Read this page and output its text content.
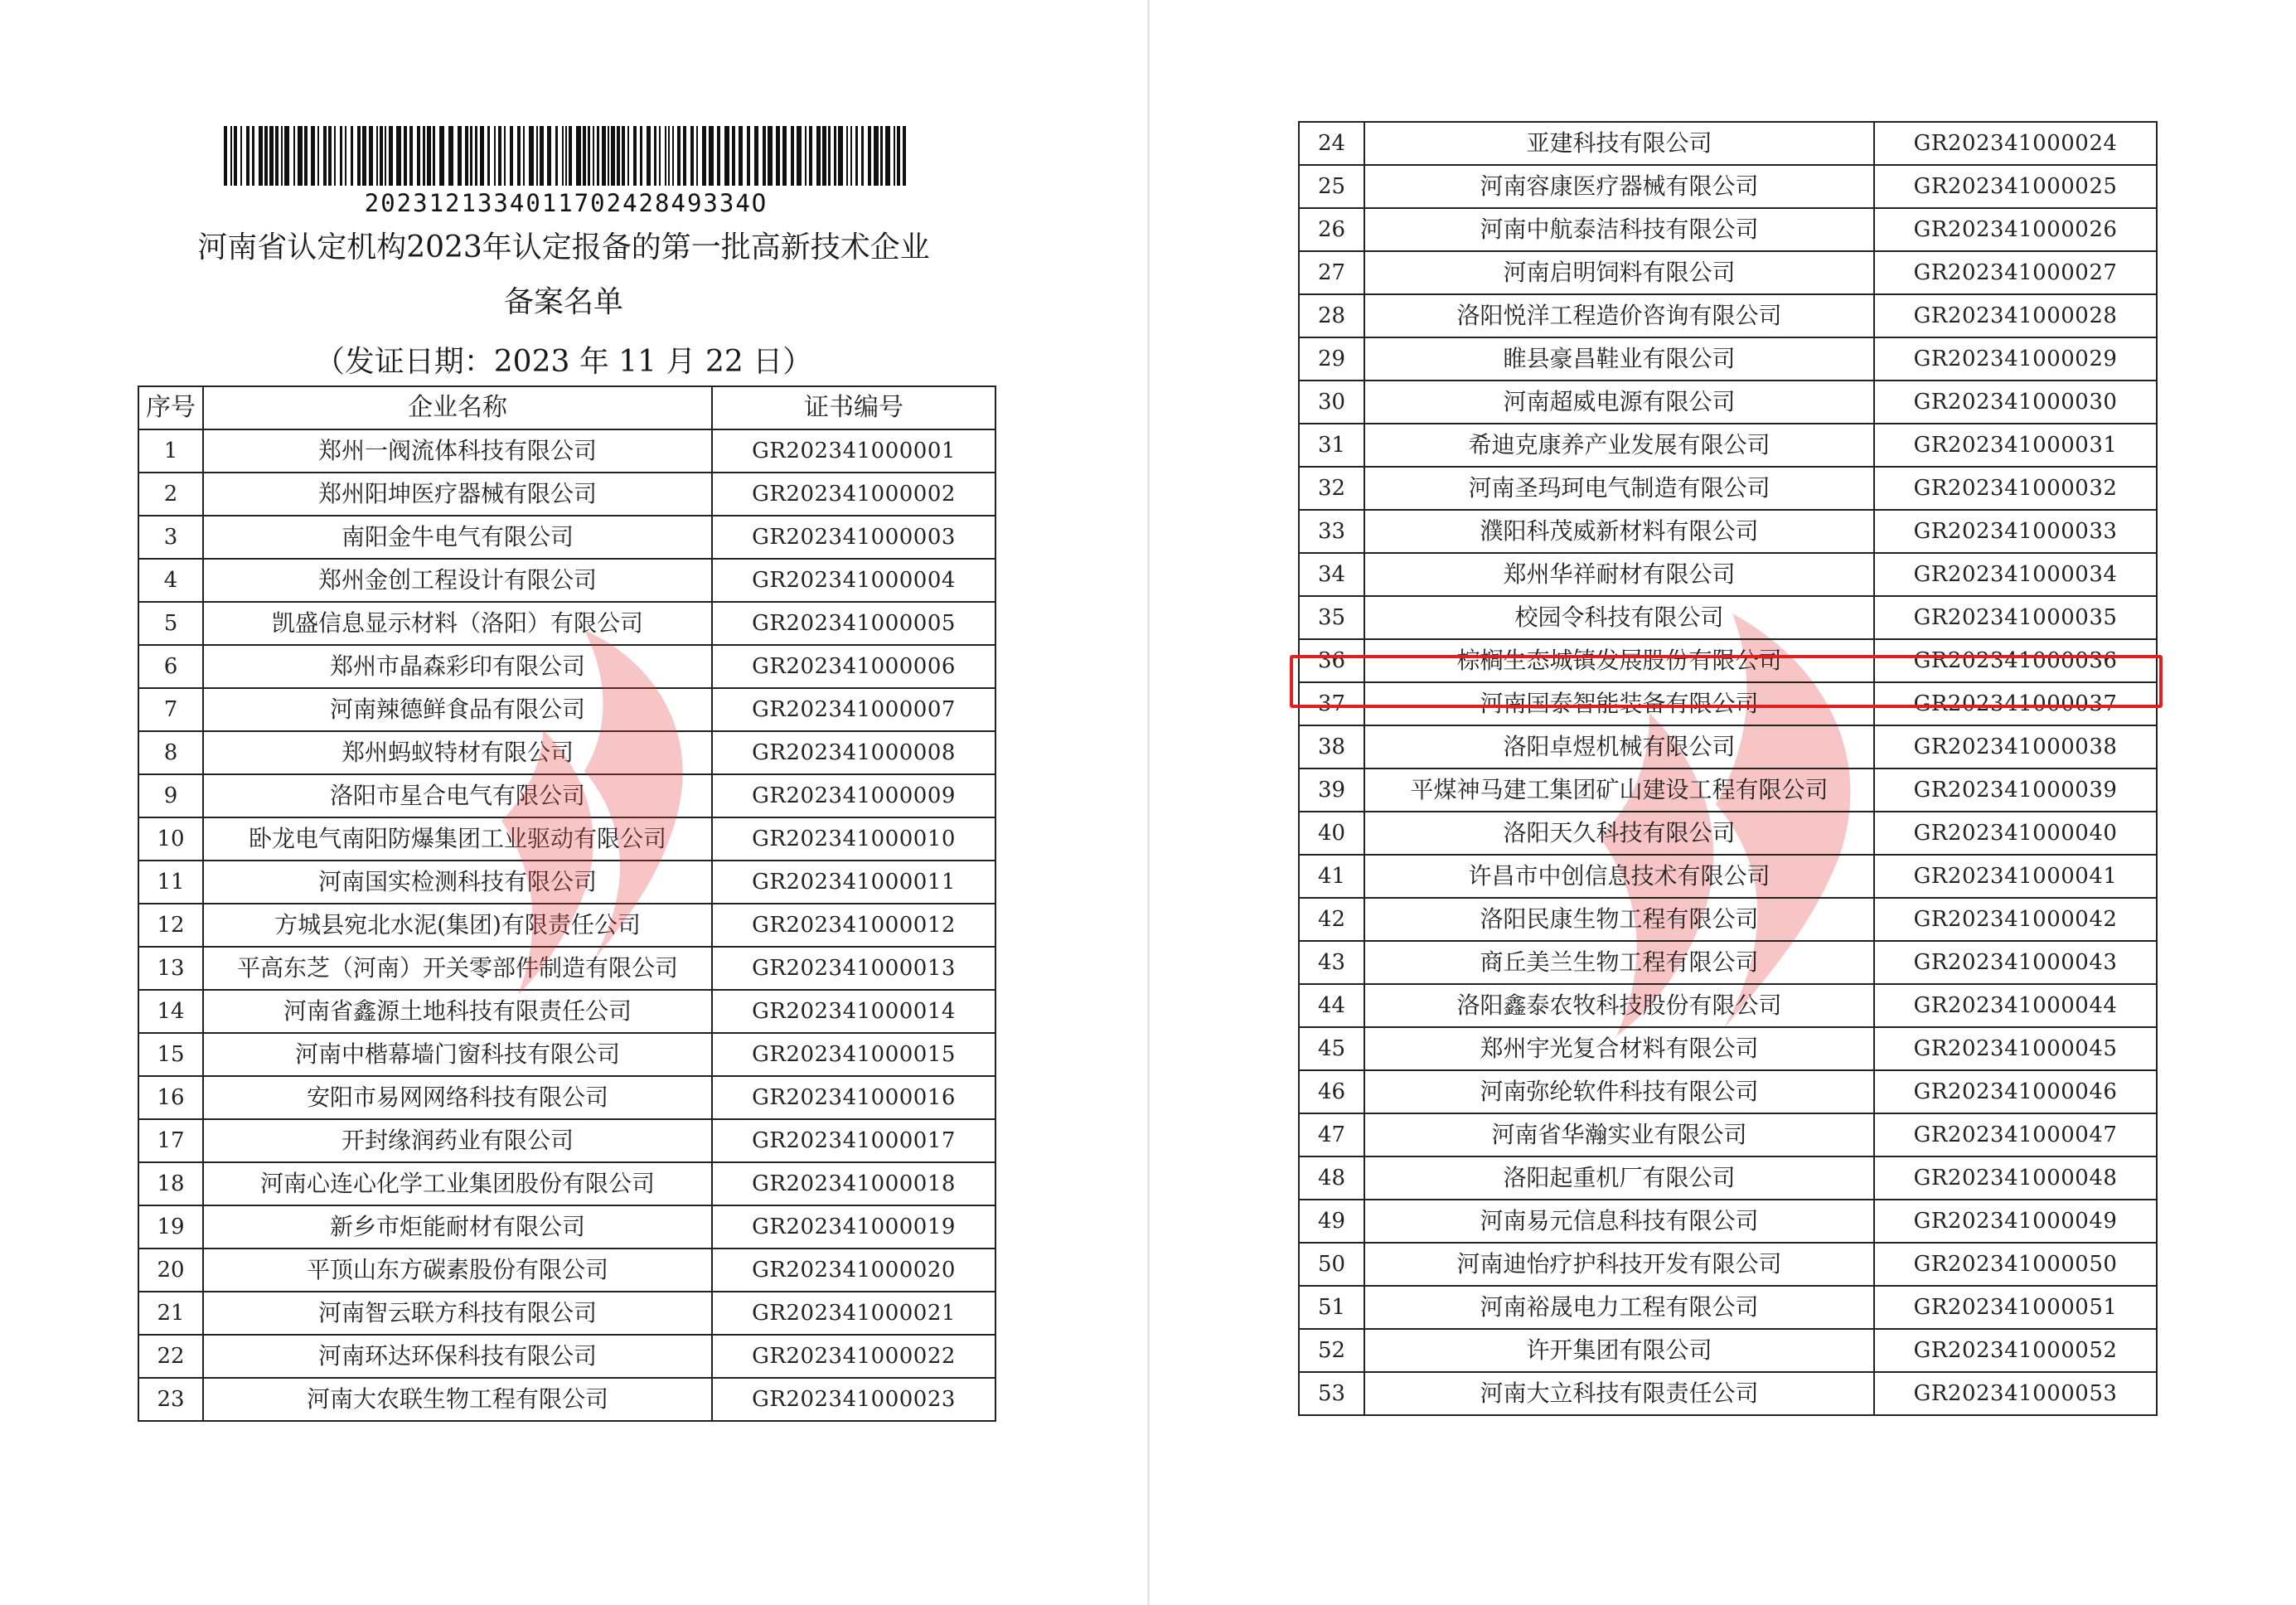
202312133401170242849334O
河南省认定机构2023年认定报备的第一批高新技术企业
备案名单
（发证日期：2023 年 11 月 22 日）
序号	企业名称	证书编号
1	郑州一阀流体科技有限公司	GR202341000001
2	郑州阳坤医疗器械有限公司	GR202341000002
3	南阳金牛电气有限公司	GR202341000003
4	郑州金创工程设计有限公司	GR202341000004
5	凯盛信息显示材料（洛阳）有限公司	GR202341000005
6	郑州市晶森彩印有限公司	GR202341000006
7	河南辣德鲜食品有限公司	GR202341000007
8	郑州蚂蚁特材有限公司	GR202341000008
9	洛阳市星合电气有限公司	GR202341000009
10	卧龙电气南阳防爆集团工业驱动有限公司	GR202341000010
11	河南国实检测科技有限公司	GR202341000011
12	方城县宛北水泥(集团)有限责任公司	GR202341000012
13	平高东芝（河南）开关零部件制造有限公司	GR202341000013
14	河南省鑫源土地科技有限责任公司	GR202341000014
15	河南中楷幕墙门窗科技有限公司	GR202341000015
16	安阳市易网网络科技有限公司	GR202341000016
17	开封缘润药业有限公司	GR202341000017
18	河南心连心化学工业集团股份有限公司	GR202341000018
19	新乡市炬能耐材有限公司	GR202341000019
20	平顶山东方碳素股份有限公司	GR202341000020
21	河南智云联方科技有限公司	GR202341000021
22	河南环达环保科技有限公司	GR202341000022
23	河南大农联生物工程有限公司	GR202341000023
24	亚建科技有限公司	GR202341000024
25	河南容康医疗器械有限公司	GR202341000025
26	河南中航泰洁科技有限公司	GR202341000026
27	河南启明饲料有限公司	GR202341000027
28	洛阳悦洋工程造价咨询有限公司	GR202341000028
29	睢县豪昌鞋业有限公司	GR202341000029
30	河南超威电源有限公司	GR202341000030
31	希迪克康养产业发展有限公司	GR202341000031
32	河南圣玛珂电气制造有限公司	GR202341000032
33	濮阳科茂威新材料有限公司	GR202341000033
34	郑州华祥耐材有限公司	GR202341000034
35	校园令科技有限公司	GR202341000035
36	棕榈生态城镇发展股份有限公司	GR202341000036
37	河南国泰智能装备有限公司	GR202341000037
38	洛阳卓煜机械有限公司	GR202341000038
39	平煤神马建工集团矿山建设工程有限公司	GR202341000039
40	洛阳天久科技有限公司	GR202341000040
41	许昌市中创信息技术有限公司	GR202341000041
42	洛阳民康生物工程有限公司	GR202341000042
43	商丘美兰生物工程有限公司	GR202341000043
44	洛阳鑫泰农牧科技股份有限公司	GR202341000044
45	郑州宇光复合材料有限公司	GR202341000045
46	河南弥纶软件科技有限公司	GR202341000046
47	河南省华瀚实业有限公司	GR202341000047
48	洛阳起重机厂有限公司	GR202341000048
49	河南易元信息科技有限公司	GR202341000049
50	河南迪怡疗护科技开发有限公司	GR202341000050
51	河南裕晟电力工程有限公司	GR202341000051
52	许开集团有限公司	GR202341000052
53	河南大立科技有限责任公司	GR202341000053
